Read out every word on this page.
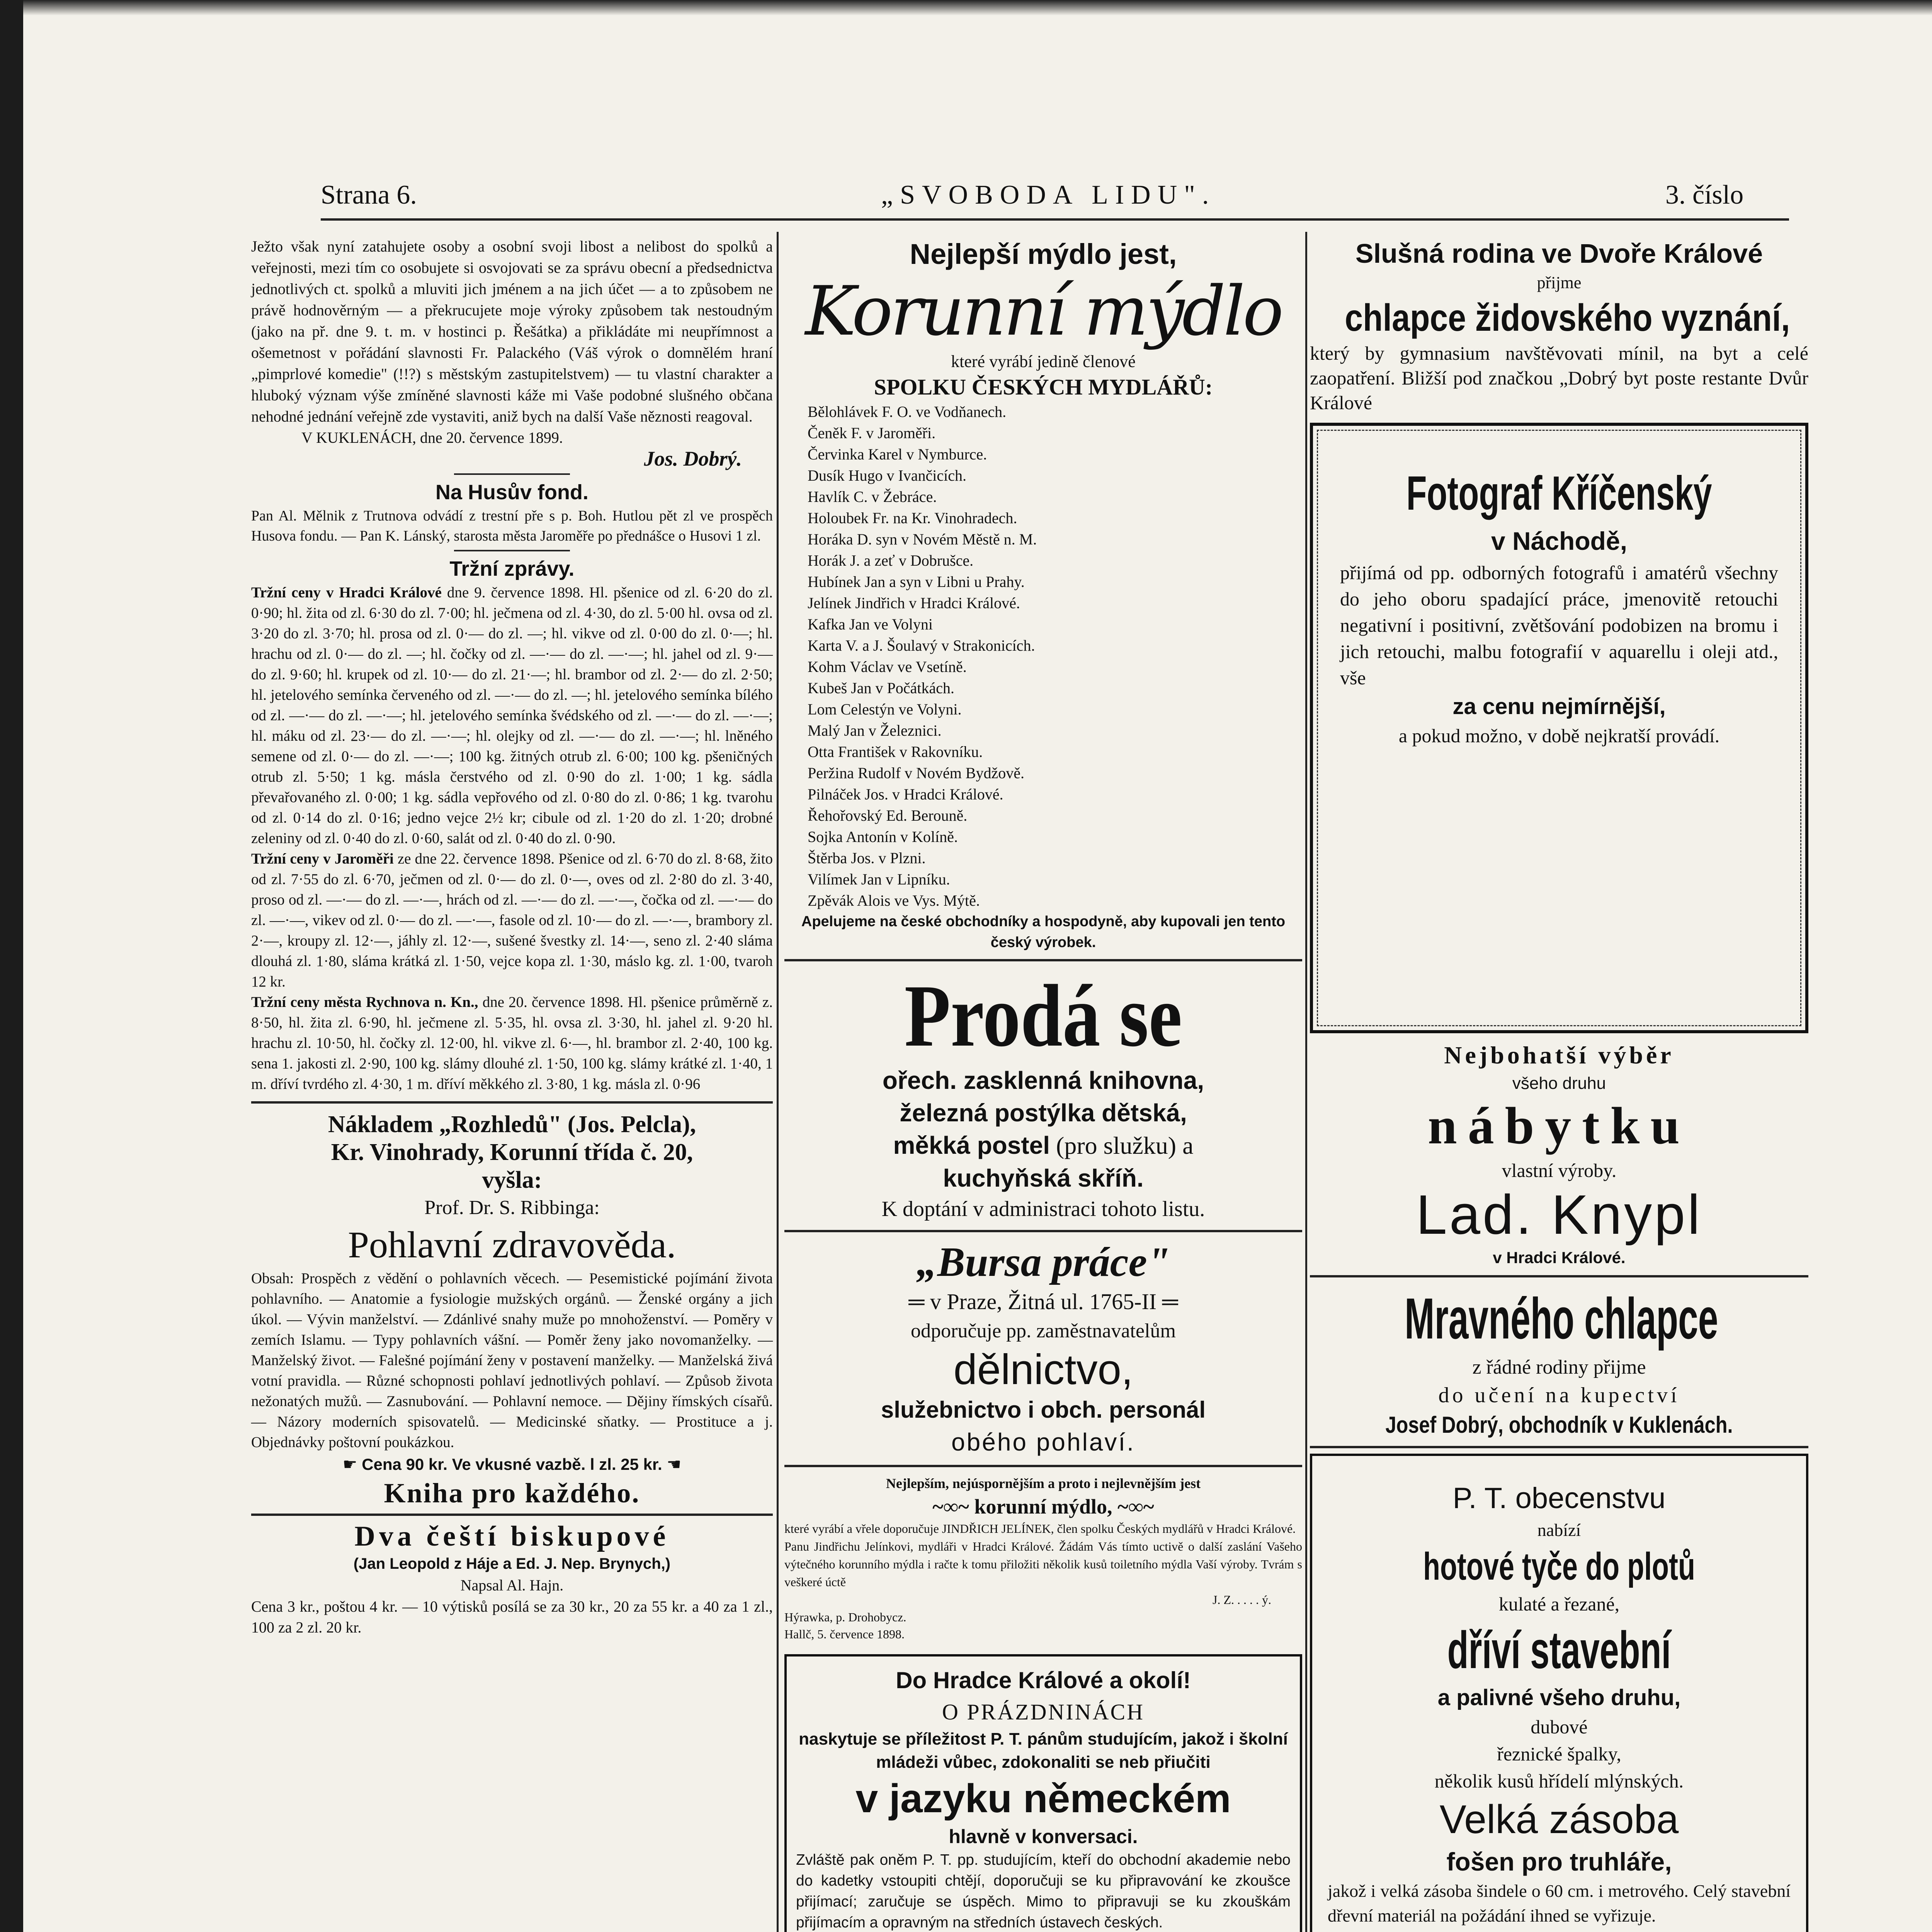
Strana 6.	„SVOBODA LIDU".	3. číslo

Ježto však nyní zatahujete osoby a osobní svoji libost a nelibost do spolků a veřejnosti, mezi tím co osobujete si osvojovati se za správu obecní a předsednictva jednotlivých ct. spolků a mluviti jich jménem a na jich účet — a to způsobem ne právě hodnověrným — a překrucujete moje výroky způsobem tak nestoudným (jako na př. dne 9. t. m. v hostinci p. Řešátka) a přikládáte mi neupřímnost a ošemetnost v pořádání slavnosti Fr. Palackého (Váš výrok o domnělém hraní „pimprlové komedie" (!!?) s městským zastupitelstvem) — tu vlastní charakter a hluboký význam výše zmíněné slavnosti káže mi Vaše podobné slušného občana nehodné jednání veřejně zde vystaviti, aniž bych na další Vaše něznosti reagoval.

V KUKLENÁCH, dne 20. července 1899.

Jos. Dobrý.

Na Husův fond.

Pan Al. Mělnik z Trutnova odvádí z trestní pře s p. Boh. Hutlou pět zl ve prospěch Husova fondu. — Pan K. Lánský, starosta města Jaroměře po přednášce o Husovi 1 zl.

Tržní zprávy.

Tržní ceny v Hradci Králové dne 9. července 1898. Hl. pšenice od zl. 6·20 do zl. 0·90; hl. žita od zl. 6·30 do zl. 7·00; hl. ječmena od zl. 4·30, do zl. 5·00 hl. ovsa od zl. 3·20 do zl. 3·70; hl. prosa od zl. 0·— do zl. —; hl. vikve od zl. 0·00 do zl. 0·—; hl. hrachu od zl. 0·— do zl. —; hl. čočky od zl. —·— do zl. —·—; hl. jahel od zl. 9·— do zl. 9·60; hl. krupek od zl. 10·— do zl. 21·—; hl. brambor od zl. 2·— do zl. 2·50; hl. jetelového semínka červeného od zl. —·— do zl. —; hl. jetelového semínka bílého od zl. —·— do zl. —·—; hl. jetelového semínka švédského od zl. —·— do zl. —·—; hl. máku od zl. 23·— do zl. —·—; hl. olejky od zl. —·— do zl. —·—; hl. lněného semene od zl. 0·— do zl. —·—; 100 kg. žitných otrub zl. 6·00; 100 kg. pšeničných otrub zl. 5·50; 1 kg. másla čerstvého od zl. 0·90 do zl. 1·00; 1 kg. sádla převařovaného zl. 0·00; 1 kg. sádla vepřového od zl. 0·80 do zl. 0·86; 1 kg. tvarohu od zl. 0·14 do zl. 0·16; jedno vejce 2½ kr; cibule od zl. 1·20 do zl. 1·20; drobné zeleniny od zl. 0·40 do zl. 0·60, salát od zl. 0·40 do zl. 0·90.

Tržní ceny v Jaroměři ze dne 22. července 1898. Pšenice od zl. 6·70 do zl. 8·68, žito od zl. 7·55 do zl. 6·70, ječmen od zl. 0·— do zl. 0·—, oves od zl. 2·80 do zl. 3·40, proso od zl. —·— do zl. —·—, hrách od zl. —·— do zl. —·—, čočka od zl. —·— do zl. —·—, vikev od zl. 0·— do zl. —·—, fasole od zl. 10·— do zl. —·—, brambory zl. 2·—, kroupy zl. 12·—, jáhly zl. 12·—, sušené švestky zl. 14·—, seno zl. 2·40 sláma dlouhá zl. 1·80, sláma krátká zl. 1·50, vejce kopa zl. 1·30, máslo kg. zl. 1·00, tvaroh 12 kr.

Tržní ceny města Rychnova n. Kn., dne 20. července 1898. Hl. pšenice průměrně z. 8·50, hl. žita zl. 6·90, hl. ječmene zl. 5·35, hl. ovsa zl. 3·30, hl. jahel zl. 9·20 hl. hrachu zl. 10·50, hl. čočky zl. 12·00, hl. vikve zl. 6·—, hl. brambor zl. 2·40, 100 kg. sena 1. jakosti zl. 2·90, 100 kg. slámy dlouhé zl. 1·50, 100 kg. slámy krátké zl. 1·40, 1 m. dříví tvrdého zl. 4·30, 1 m. dříví měkkého zl. 3·80, 1 kg. másla zl. 0·96

Nákladem „Rozhledů" (Jos. Pelcla),

Kr. Vinohrady, Korunní třída č. 20,

vyšla:

Prof. Dr. S. Ribbinga:

Pohlavní zdravověda.

Obsah: Prospěch z vědění o pohlavních věcech. — Pesemistické pojímání života pohlavního. — Anatomie a fysiologie mužských orgánů. — Ženské orgány a jich úkol. — Vývin manželství. — Zdánlivé snahy muže po mnohoženství. — Poměry v zemích Islamu. — Typy pohlavních vášní. — Poměr ženy jako novomanželky. — Manželský život. — Falešné pojímání ženy v postavení manželky. — Manželská živá votní pravidla. — Různé schopnosti pohlaví jednotlivých pohlaví. — Způsob života nežonatých mužů. — Zasnubování. — Pohlavní nemoce. — Dějiny římských císařů. — Názory moderních spisovatelů. — Medicinské sňatky. — Prostituce a j. Objednávky poštovní poukázkou.

☛ Cena 90 kr. Ve vkusné vazbě. l zl. 25 kr. ☚

Kniha pro každého.

Dva čeští biskupové

(Jan Leopold z Háje a Ed. J. Nep. Brynych,)

Napsal Al. Hajn.

Cena 3 kr., poštou 4 kr. — 10 výtisků posílá se za 30 kr., 20 za 55 kr. a 40 za 1 zl., 100 za 2 zl. 20 kr.

Nejlepší mýdlo jest,

Korunní mýdlo

které vyrábí jedině členové

SPOLKU ČESKÝCH MYDLÁŘŮ:

Bělohlávek F. O. ve Vodňanech.
Čeněk F. v Jaroměři.
Červinka Karel v Nymburce.
Dusík Hugo v Ivančicích.
Havlík C. v Žebráce.
Holoubek Fr. na Kr. Vinohradech.
Horáka D. syn v Novém Městě n. M.
Horák J. a zeť v Dobrušce.
Hubínek Jan a syn v Libni u Prahy.
Jelínek Jindřich v Hradci Králové.
Kafka Jan ve Volyni
Karta V. a J. Šoulavý v Strakonicích.
Kohm Václav ve Vsetíně.
Kubeš Jan v Počátkách.
Lom Celestýn ve Volyni.
Malý Jan v Železnici.
Otta František v Rakovníku.
Peržina Rudolf v Novém Bydžově.
Pilnáček Jos. v Hradci Králové.
Řehořovský Ed. Berouně.
Sojka Antonín v Kolíně.
Štěrba Jos. v Plzni.
Vilímek Jan v Lipníku.
Zpěvák Alois ve Vys. Mýtě.

Apelujeme na české obchodníky a hospodyně, aby kupovali jen tento český výrobek.

Prodá se

ořech. zasklenná knihovna,

železná postýlka dětská,

měkká postel (pro služku) a

kuchyňská skříň.

K doptání v administraci tohoto listu.

„Bursa práce"

═ v Praze, Žitná ul. 1765-II ═

odporučuje pp. zaměstnavatelům

dělnictvo,

služebnictvo i obch. personál

obého pohlaví.

Nejlepším, nejúspornějším a proto i nejlevnějším jest

~∞~ korunní mýdlo, ~∞~

které vyrábí a vřele doporučuje JINDŘICH JELÍNEK, člen spolku Českých mydlářů v Hradci Králové.

Panu Jindřichu Jelínkovi, mydláři v Hradci Králové. Žádám Vás tímto uctivě o další zaslání Vašeho výtečného korunního mýdla i račte k tomu přiložiti několik kusů toiletního mýdla Vaší výroby. Tvrám s veškeré úctě

J. Z. . . . . ý.

Hýrawka, p. Drohobycz.

Hallč, 5. července 1898.

Do Hradce Králové a okolí!

O PRÁZDNINÁCH

naskytuje se příležitost P. T. pánům studujícím, jakož i školní mládeži vůbec, zdokonaliti se neb přiučiti

v jazyku německém

hlavně v konversaci.

Zvláště pak oněm P. T. pp. studujícím, kteří do obchodní akademie nebo do kadetky vstoupiti chtějí, doporučuji se ku připravování ke zkoušce přijímací; zaručuje se úspěch. Mimo to připravuji se ku zkouškám přijímacím a opravným na středních ústavech českých.

Slušná rodina ve Dvoře Králové

přijme

chlapce židovského vyznání,

který by gymnasium navštěvovati mínil, na byt a celé zaopatření. Bližší pod značkou „Dobrý byt poste restante Dvůr Králové

Fotograf Kříčenský

v Náchodě,

přijímá od pp. odborných fotografů i amatérů všechny do jeho oboru spadající práce, jmenovitě retouchi negativní i positivní, zvětšování podobizen na bromu i jich retouchi, malbu fotografií v aquarellu i oleji atd., vše

za cenu nejmírnější,

a pokud možno, v době nejkratší provádí.

Nejbohatší výběr

všeho druhu

nábytku

vlastní výroby.

Lad. Knypl

v Hradci Králové.

Mravného chlapce

z řádné rodiny přijme

do učení na kupectví

Josef Dobrý, obchodník v Kuklenách.

P. T. obecenstvu

nabízí

hotové tyče do plotů

kulaté a řezané,

dříví stavební

a palivné všeho druhu,

dubové

řeznické špalky,

několik kusů hřídelí mlýnských.

Velká zásoba

fošen pro truhláře,

jakož i velká zásoba šindele o 60 cm. i metrového. Celý stavební dřevní materiál na požádání ihned se vyřizuje.
